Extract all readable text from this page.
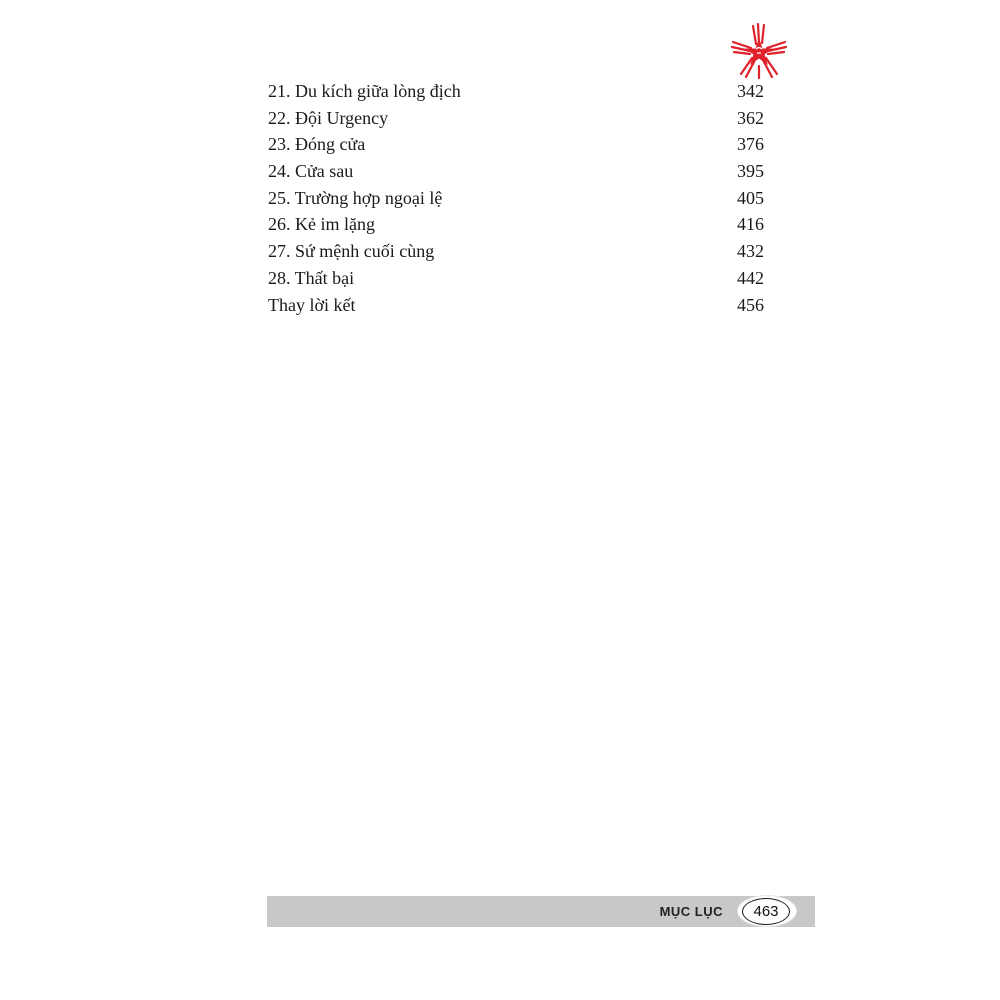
21. Du kích giữa lòng địch	342
22. Đội Urgency	362
23. Đóng cửa	376
24. Cửa sau	395
25. Trường hợp ngoại lệ	405
26. Kẻ im lặng	416
27. Sứ mệnh cuối cùng	432
28. Thất bại	442
Thay lời kết	456
MỤC LỤC	463
